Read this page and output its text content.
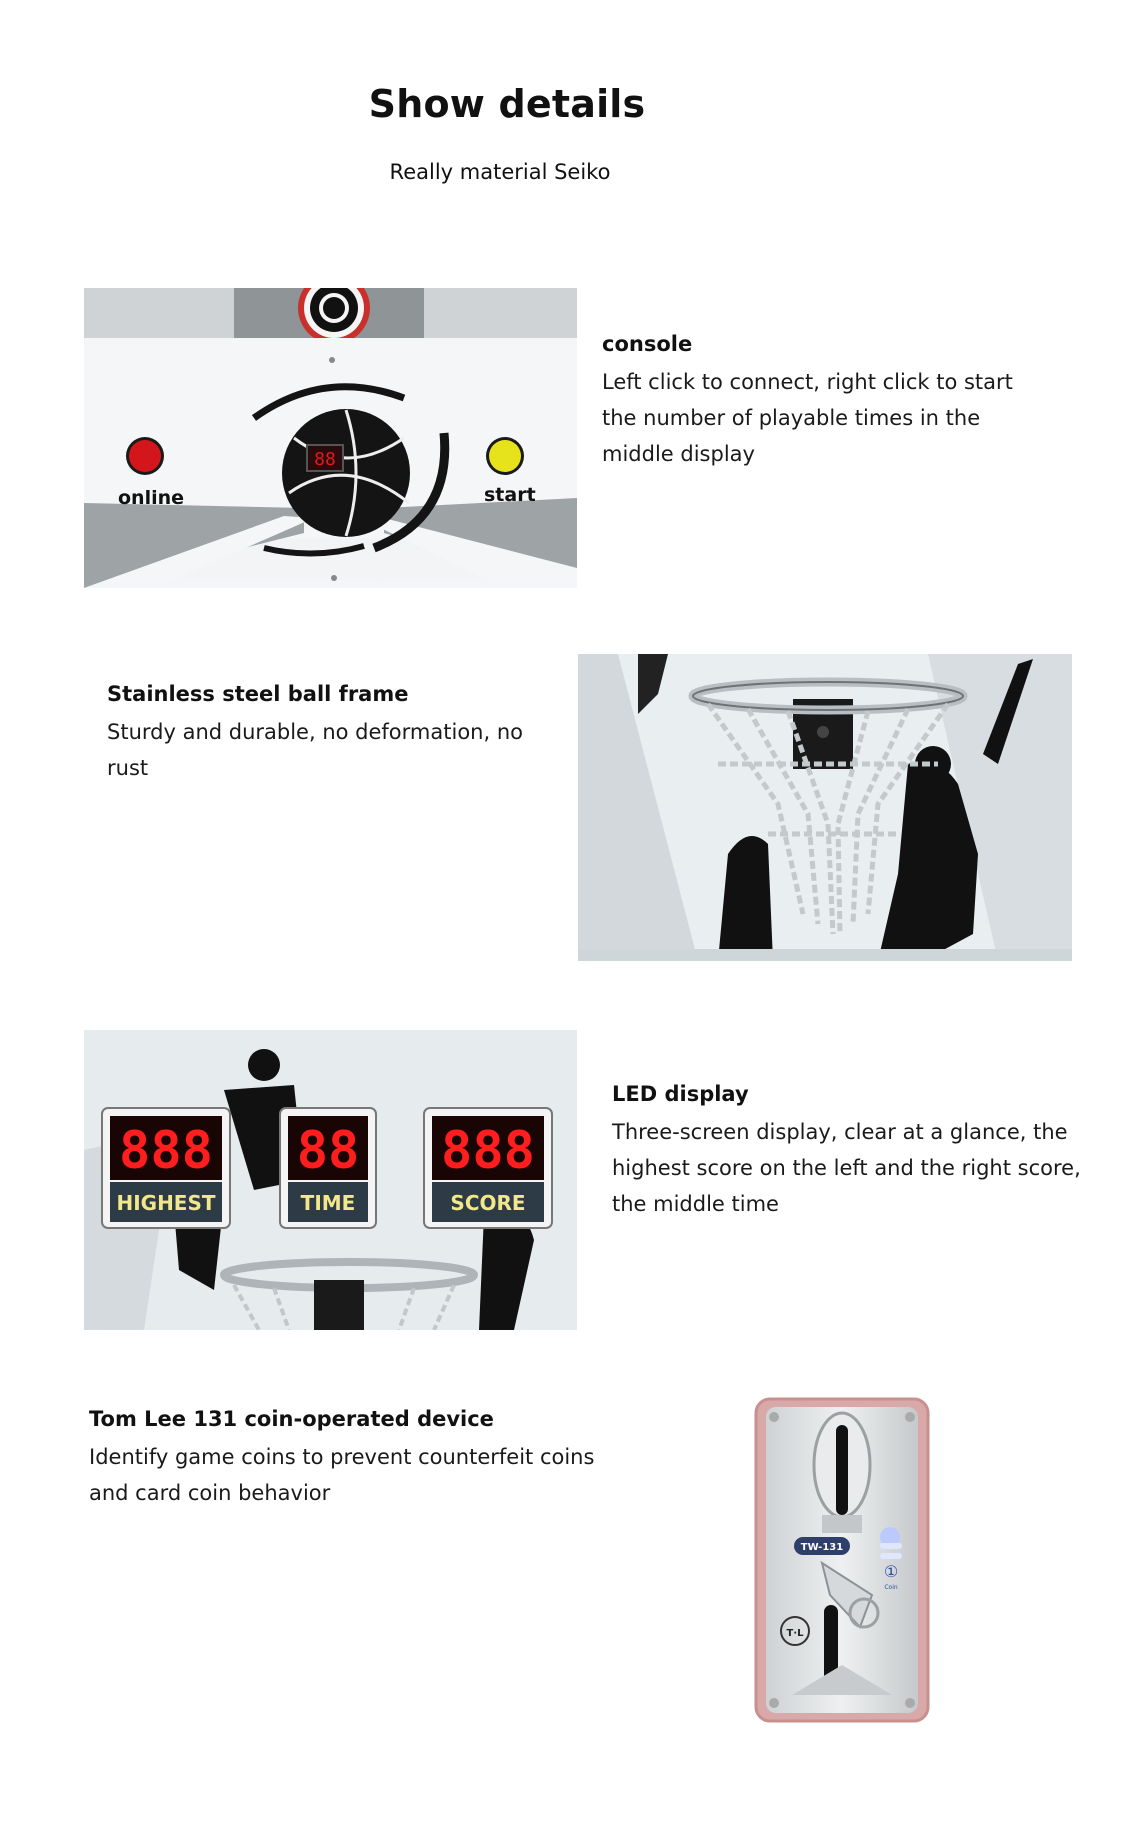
Show details
Really material Seiko
88
online	start
console
Left click to connect, right click to start the number of playable times in the middle display
Stainless steel ball frame
Sturdy and durable, no deformation, no rust
888
HIGHEST
88
TIME
888
SCORE
LED display
Three-screen display, clear at a glance, the highest score on the left and the right score, the middle time
Tom Lee 131 coin-operated device
Identify game coins to prevent counterfeit coins and card coin behavior
TW-131
①
Coin
T·L
